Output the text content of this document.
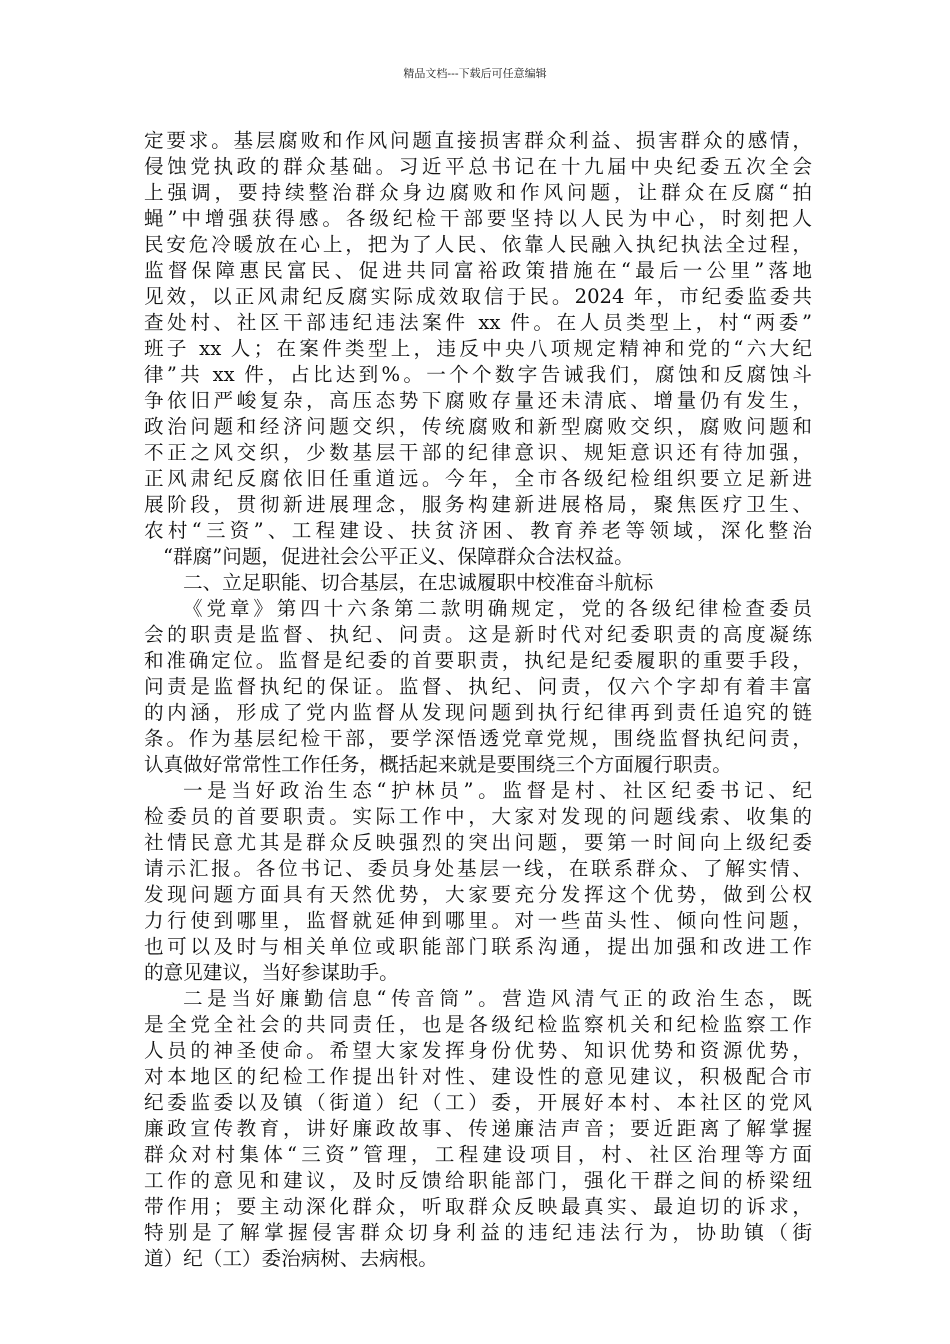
精品文档---下载后可任意编辑
定要求。基层腐败和作风问题直接损害群众利益、损害群众的感情，
侵蚀党执政的群众基础。习近平总书记在十九届中央纪委五次全会
上强调，要持续整治群众身边腐败和作风问题，让群众在反腐“拍
蝇”中增强获得感。各级纪检干部要坚持以人民为中心，时刻把人
民安危冷暖放在心上，把为了人民、依靠人民融入执纪执法全过程，
监督保障惠民富民、促进共同富裕政策措施在“最后一公里”落地
见效，以正风肃纪反腐实际成效取信于民。2024 年，市纪委监委共
查处村、社区干部违纪违法案件 xx 件。在人员类型上，村“两委”
班子 xx 人；在案件类型上，违反中央八项规定精神和党的“六大纪
律”共 xx 件，占比达到%。一个个数字告诫我们，腐蚀和反腐蚀斗
争依旧严峻复杂，高压态势下腐败存量还未清底、增量仍有发生，
政治问题和经济问题交织，传统腐败和新型腐败交织，腐败问题和
不正之风交织，少数基层干部的纪律意识、规矩意识还有待加强，
正风肃纪反腐依旧任重道远。今年，全市各级纪检组织要立足新进
展阶段，贯彻新进展理念，服务构建新进展格局，聚焦医疗卫生、
农村“三资”、工程建设、扶贫济困、教育养老等领域，深化整治
“群腐”问题，促进社会公平正义、保障群众合法权益。
二、立足职能、切合基层，在忠诚履职中校准奋斗航标
《党章》第四十六条第二款明确规定，党的各级纪律检查委员
会的职责是监督、执纪、问责。这是新时代对纪委职责的高度凝练
和准确定位。监督是纪委的首要职责，执纪是纪委履职的重要手段，
问责是监督执纪的保证。监督、执纪、问责，仅六个字却有着丰富
的内涵，形成了党内监督从发现问题到执行纪律再到责任追究的链
条。作为基层纪检干部，要学深悟透党章党规，围绕监督执纪问责，
认真做好常常性工作任务，概括起来就是要围绕三个方面履行职责。
一是当好政治生态“护林员”。监督是村、社区纪委书记、纪
检委员的首要职责。实际工作中，大家对发现的问题线索、收集的
社情民意尤其是群众反映强烈的突出问题，要第一时间向上级纪委
请示汇报。各位书记、委员身处基层一线，在联系群众、了解实情、
发现问题方面具有天然优势，大家要充分发挥这个优势，做到公权
力行使到哪里，监督就延伸到哪里。对一些苗头性、倾向性问题，
也可以及时与相关单位或职能部门联系沟通，提出加强和改进工作
的意见建议，当好参谋助手。
二是当好廉勤信息“传音筒”。营造风清气正的政治生态，既
是全党全社会的共同责任，也是各级纪检监察机关和纪检监察工作
人员的神圣使命。希望大家发挥身份优势、知识优势和资源优势，
对本地区的纪检工作提出针对性、建设性的意见建议，积极配合市
纪委监委以及镇（街道）纪（工）委，开展好本村、本社区的党风
廉政宣传教育，讲好廉政故事、传递廉洁声音；要近距离了解掌握
群众对村集体“三资”管理，工程建设项目，村、社区治理等方面
工作的意见和建议，及时反馈给职能部门，强化干群之间的桥梁纽
带作用；要主动深化群众，听取群众反映最真实、最迫切的诉求，
特别是了解掌握侵害群众切身利益的违纪违法行为，协助镇（街
道）纪（工）委治病树、去病根。
